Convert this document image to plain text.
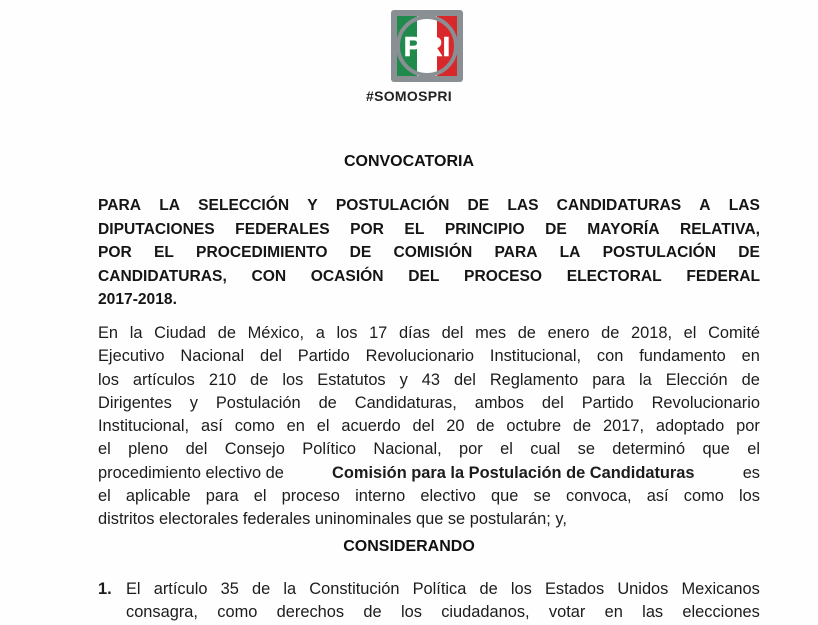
PRI
#SOMOSPRI
CONVOCATORIA
PARA LA SELECCIÓN Y POSTULACIÓN DE LAS CANDIDATURAS A LAS
DIPUTACIONES FEDERALES POR EL PRINCIPIO DE MAYORÍA RELATIVA,
POR EL PROCEDIMIENTO DE COMISIÓN PARA LA POSTULACIÓN DE
CANDIDATURAS, CON OCASIÓN DEL PROCESO ELECTORAL FEDERAL
2017-2018.
En la Ciudad de México, a los 17 días del mes de enero de 2018, el Comité
Ejecutivo Nacional del Partido Revolucionario Institucional, con fundamento en
los artículos 210 de los Estatutos y 43 del Reglamento para la Elección de
Dirigentes y Postulación de Candidaturas, ambos del Partido Revolucionario
Institucional, así como en el acuerdo del 20 de octubre de 2017, adoptado por
el pleno del Consejo Político Nacional, por el cual se determinó que el
procedimiento electivo de	Comisión para la Postulación de Candidaturas	es
el aplicable para el proceso interno electivo que se convoca, así como los
distritos electorales federales uninominales que se postularán; y,
CONSIDERANDO
1. El artículo 35 de la Constitución Política de los Estados Unidos Mexicanos
consagra, como derechos de los ciudadanos, votar en las elecciones
